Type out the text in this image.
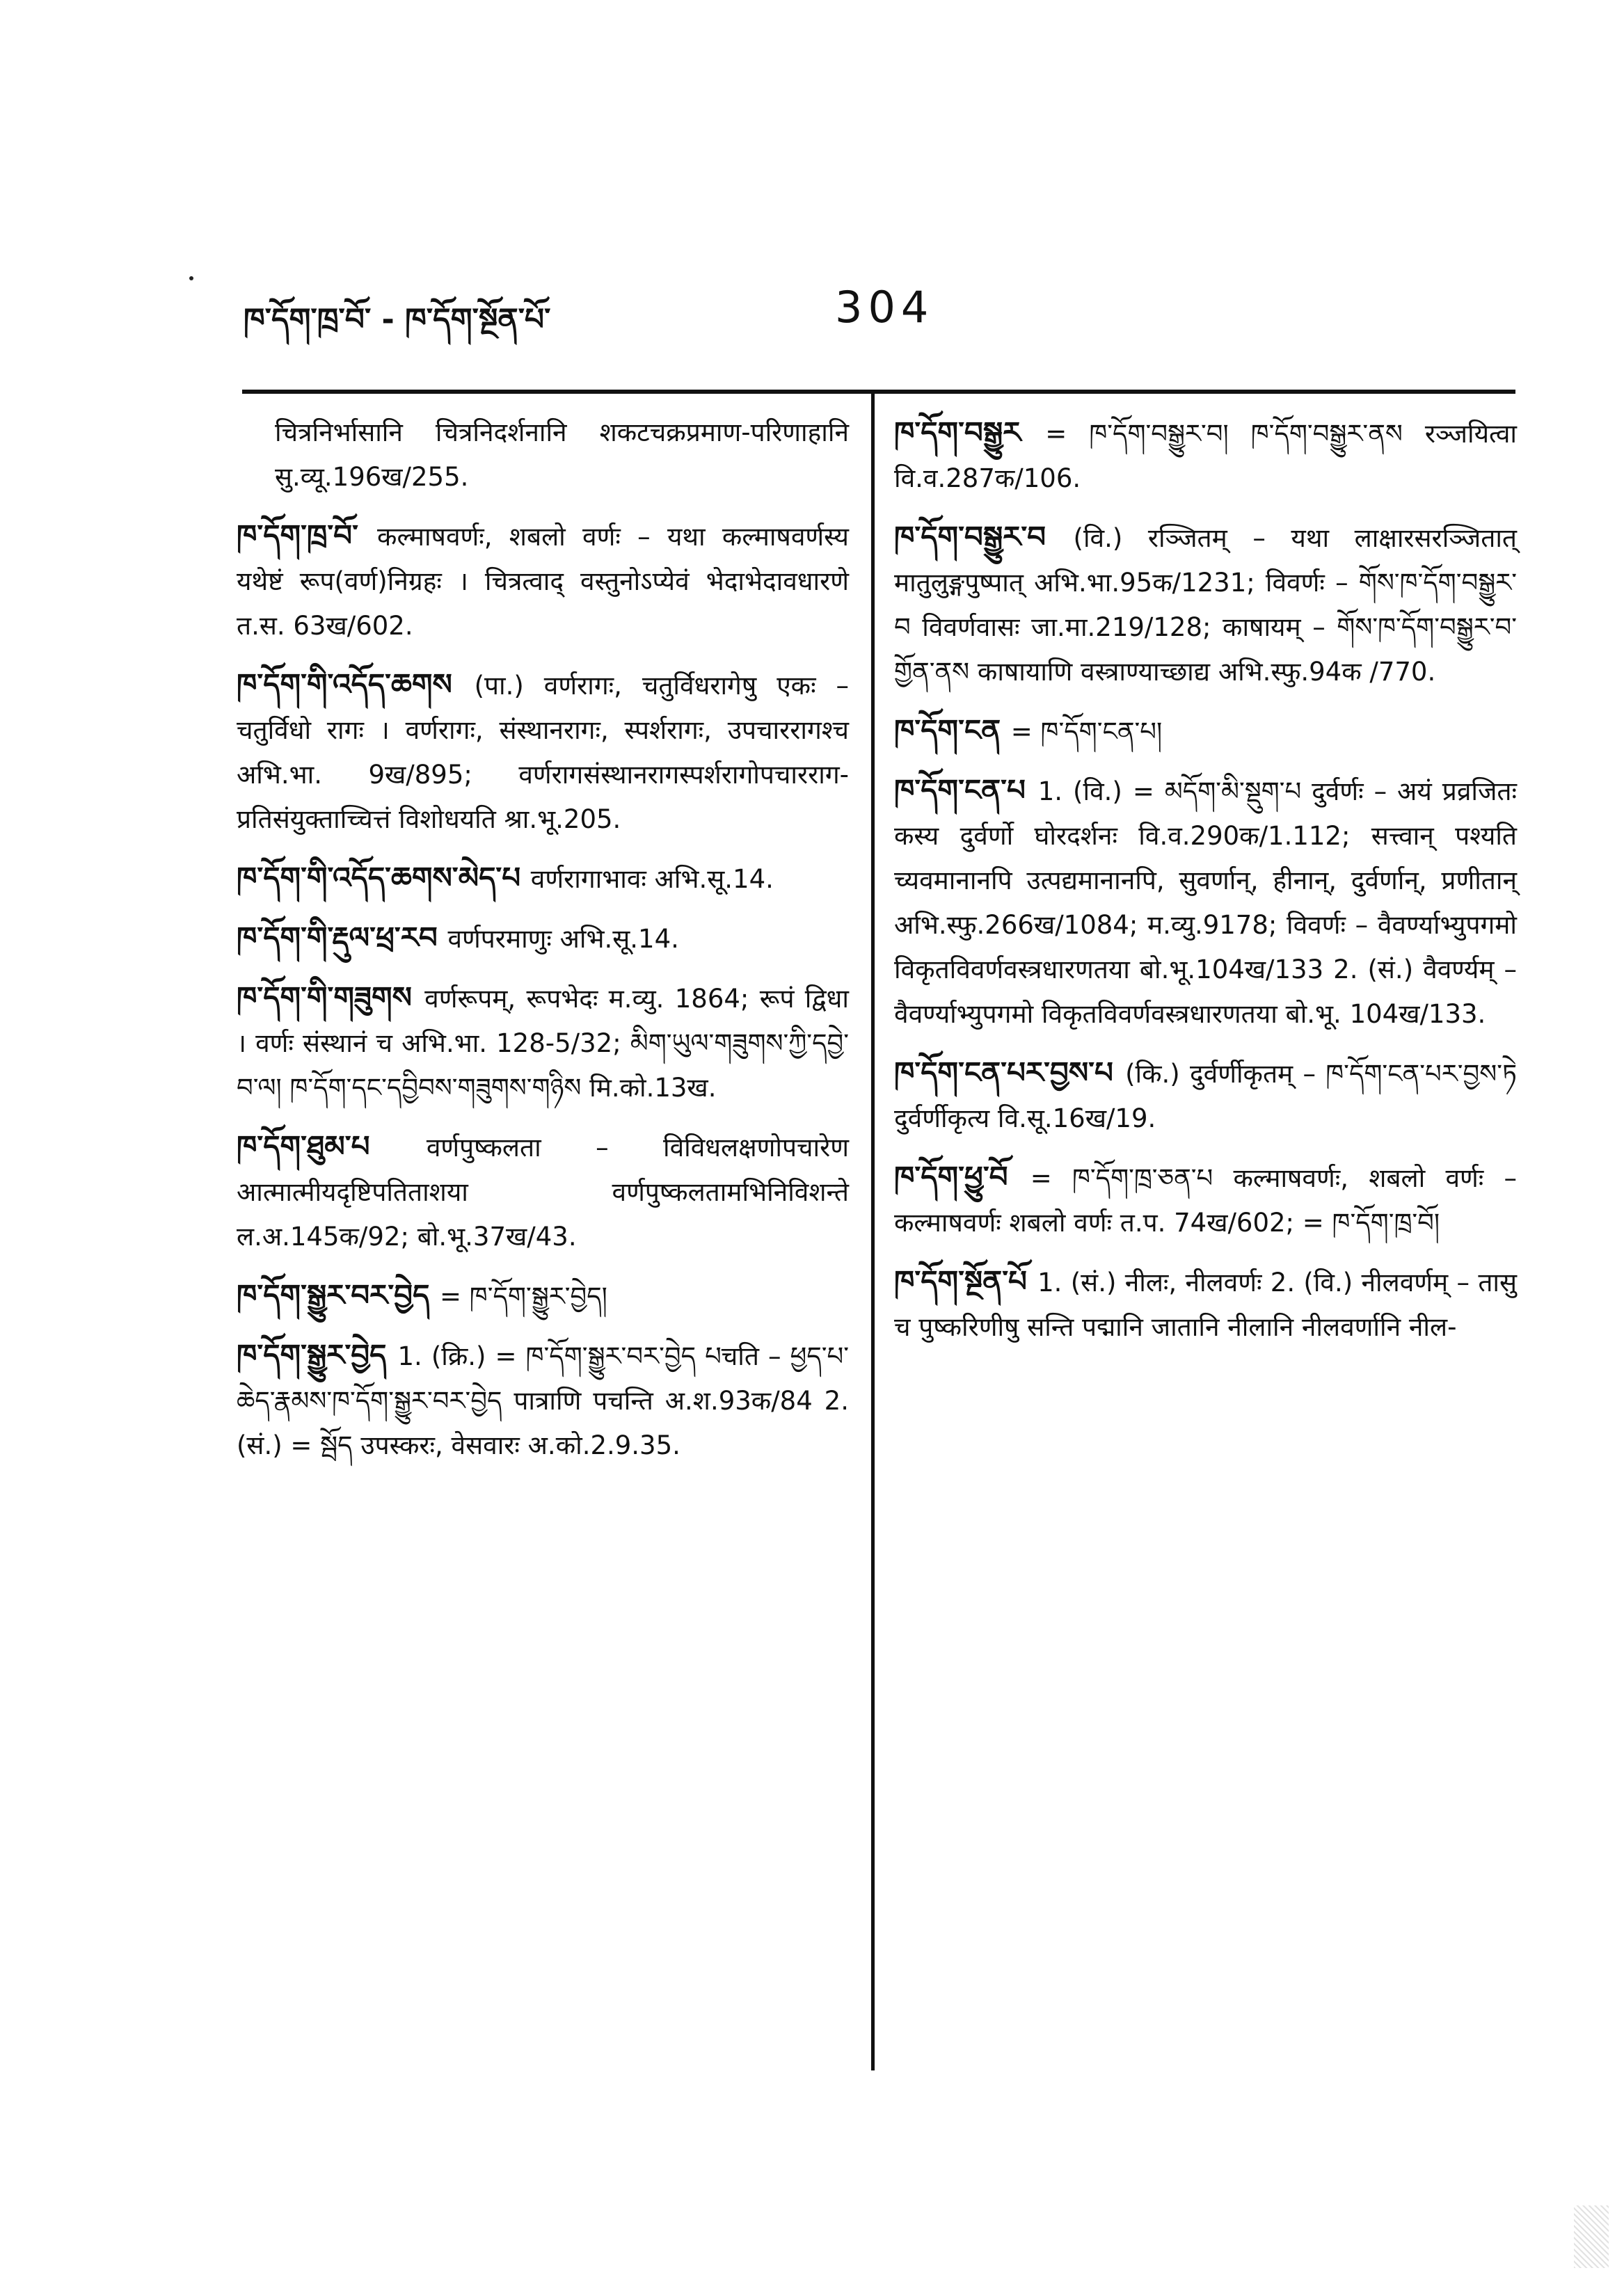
ཁ་དོག་ཁྲ་བོ་ - ཁ་དོག་སྔོན་པོ་	304
चित्रनिर्भासानि चित्रनिदर्शनानि शकटचक्रप्रमाण-परिणाहानि सु.व्यू.196ख/255.
ཁ་དོག་ཁྲ་བོ་ कल्माषवर्णः, शबलो वर्णः – यथा कल्माषवर्णस्य यथेष्टं रूप(वर्ण)निग्रहः । चित्रत्वाद् वस्तुनोऽप्येवं भेदाभेदावधारणे त.स. 63ख/602.
ཁ་དོག་གི་འདོད་ཆགས (पा.) वर्णरागः, चतुर्विधरागेषु एकः – चतुर्विधो रागः । वर्णरागः, संस्थानरागः, स्पर्शरागः, उपचाररागश्च अभि.भा. 9ख/895; वर्णरागसंस्थानरागस्पर्शरागोपचारराग-प्रतिसंयुक्ताच्चित्तं विशोधयति श्रा.भू.205.
ཁ་དོག་གི་འདོད་ཆགས་མེད་པ वर्णरागाभावः अभि.सू.14.
ཁ་དོག་གི་རྡུལ་ཕྲ་རབ वर्णपरमाणुः अभि.सू.14.
ཁ་དོག་གི་གཟུགས वर्णरूपम्, रूपभेदः म.व्यु. 1864; रूपं द्विधा । वर्णः संस्थानं च अभि.भा. 128-5/32; མིག་ཡུལ་གཟུགས་ཀྱི་དབྱེ་བ་ལ། ཁ་དོག་དང་དབྱིབས་གཟུགས་གཉིས मि.को.13ख.
ཁ་དོག་ཐུམ་པ वर्णपुष्कलता – विविधलक्षणोपचारेण आत्मात्मीयदृष्टिपतिताशया वर्णपुष्कलतामभिनिविशन्ते ल.अ.145क/92; बो.भू.37ख/43.
ཁ་དོག་སྒྱུར་བར་བྱེད = ཁ་དོག་སྒྱུར་བྱེད།
ཁ་དོག་སྒྱུར་བྱེད 1. (क्रि.) = ཁ་དོག་སྒྱུར་བར་བྱེད པचति – ཕྱད་པ་ཆེད་རྣམས་ཁ་དོག་སྒྱུར་བར་བྱེད पात्राणि पचन्ति अ.श.93क/84 2. (सं.) = སྦོད उपस्करः, वेसवारः अ.को.2.9.35.
ཁ་དོག་བསྒྱུར = ཁ་དོག་བསྒྱུར་བ། ཁ་དོག་བསྒྱུར་ནས रञ्जयित्वा वि.व.287क/106.
ཁ་དོག་བསྒྱུར་བ (वि.) रञ्जितम् – यथा लाक्षारसरञ्जितात् मातुलुङ्गपुष्पात् अभि.भा.95क/1231; विवर्णः – གོས་ཁ་དོག་བསྒྱུར་བ विवर्णवासः जा.मा.219/128; काषायम् – གོས་ཁ་དོག་བསྒྱུར་བ་གྱོན་ནས काषायाणि वस्त्राण्याच्छाद्य अभि.स्फु.94क /770.
ཁ་དོག་ངན = ཁ་དོག་ངན་པ།
ཁ་དོག་ངན་པ 1. (वि.) = མདོག་མི་སྡུག་པ दुर्वर्णः – अयं प्रव्रजितः कस्य दुर्वर्णो घोरदर्शनः वि.व.290क/1.112; सत्त्वान् पश्यति च्यवमानानपि उत्पद्यमानानपि, सुवर्णान्, हीनान्, दुर्वर्णान्, प्रणीतान् अभि.स्फु.266ख/1084; म.व्यु.9178; विवर्णः – वैवर्ण्याभ्युपगमो विकृतविवर्णवस्त्रधारणतया बो.भू.104ख/133 2. (सं.) वैवर्ण्यम् – वैवर्ण्याभ्युपगमो विकृतविवर्णवस्त्रधारणतया बो.भू. 104ख/133.
ཁ་དོག་ངན་པར་བྱས་པ (कि.) दुर्वर्णीकृतम् – ཁ་དོག་ངན་པར་བྱས་ཏེ दुर्वर्णीकृत्य वि.सू.16ख/19.
ཁ་དོག་ཕྱུ་བོ = ཁ་དོག་ཁྲ་ཅན་པ कल्माषवर्णः, शबलो वर्णः – कल्माषवर्णः शबलो वर्णः त.प. 74ख/602; = ཁ་དོག་ཁྲ་བོ།
ཁ་དོག་སྔོན་པོ 1. (सं.) नीलः, नीलवर्णः 2. (वि.) नीलवर्णम् – तासु च पुष्करिणीषु सन्ति पद्मानि जातानि नीलानि नीलवर्णानि नील-
